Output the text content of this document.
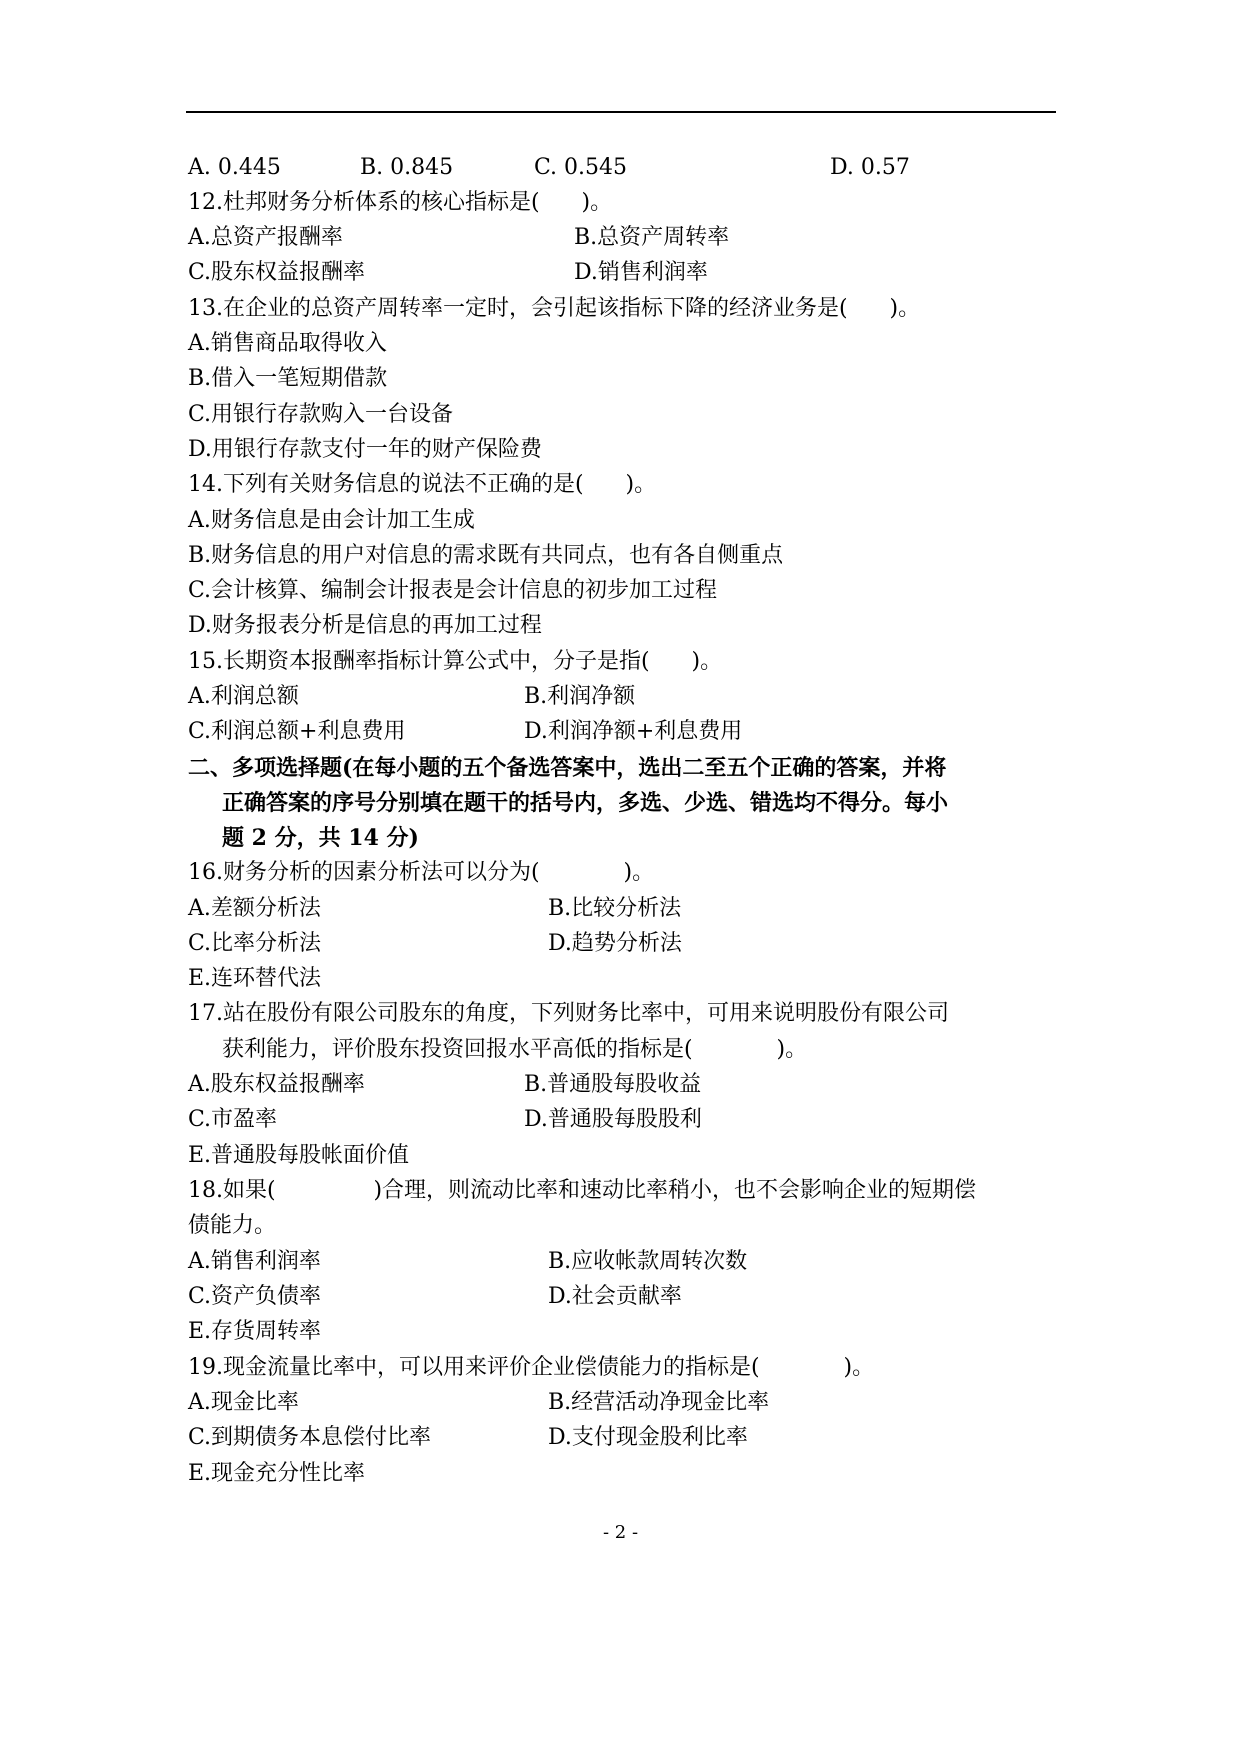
A. 0.445	B. 0.845	C. 0.545	D. 0.57
12.杜邦财务分析体系的核心指标是(      )。
A.总资产报酬率	B.总资产周转率
C.股东权益报酬率	D.销售利润率
13.在企业的总资产周转率一定时，会引起该指标下降的经济业务是(      )。
A.销售商品取得收入
B.借入一笔短期借款
C.用银行存款购入一台设备
D.用银行存款支付一年的财产保险费
14.下列有关财务信息的说法不正确的是(      )。
A.财务信息是由会计加工生成
B.财务信息的用户对信息的需求既有共同点，也有各自侧重点
C.会计核算、编制会计报表是会计信息的初步加工过程
D.财务报表分析是信息的再加工过程
15.长期资本报酬率指标计算公式中，分子是指(      )。
A.利润总额	B.利润净额
C.利润总额+利息费用	D.利润净额+利息费用
二、多项选择题(在每小题的五个备选答案中，选出二至五个正确的答案，并将
正确答案的序号分别填在题干的括号内，多选、少选、错选均不得分。每小
题 2 分，共 14 分)
16.财务分析的因素分析法可以分为(            )。
A.差额分析法	B.比较分析法
C.比率分析法	D.趋势分析法
E.连环替代法
17.站在股份有限公司股东的角度，下列财务比率中，可用来说明股份有限公司
获利能力，评价股东投资回报水平高低的指标是(            )。
A.股东权益报酬率	B.普通股每股收益
C.市盈率	D.普通股每股股利
E.普通股每股帐面价值
18.如果(              )合理，则流动比率和速动比率稍小，也不会影响企业的短期偿
债能力。
A.销售利润率	B.应收帐款周转次数
C.资产负债率	D.社会贡献率
E.存货周转率
19.现金流量比率中，可以用来评价企业偿债能力的指标是(            )。
A.现金比率	B.经营活动净现金比率
C.到期债务本息偿付比率	D.支付现金股利比率
E.现金充分性比率
- 2 -
